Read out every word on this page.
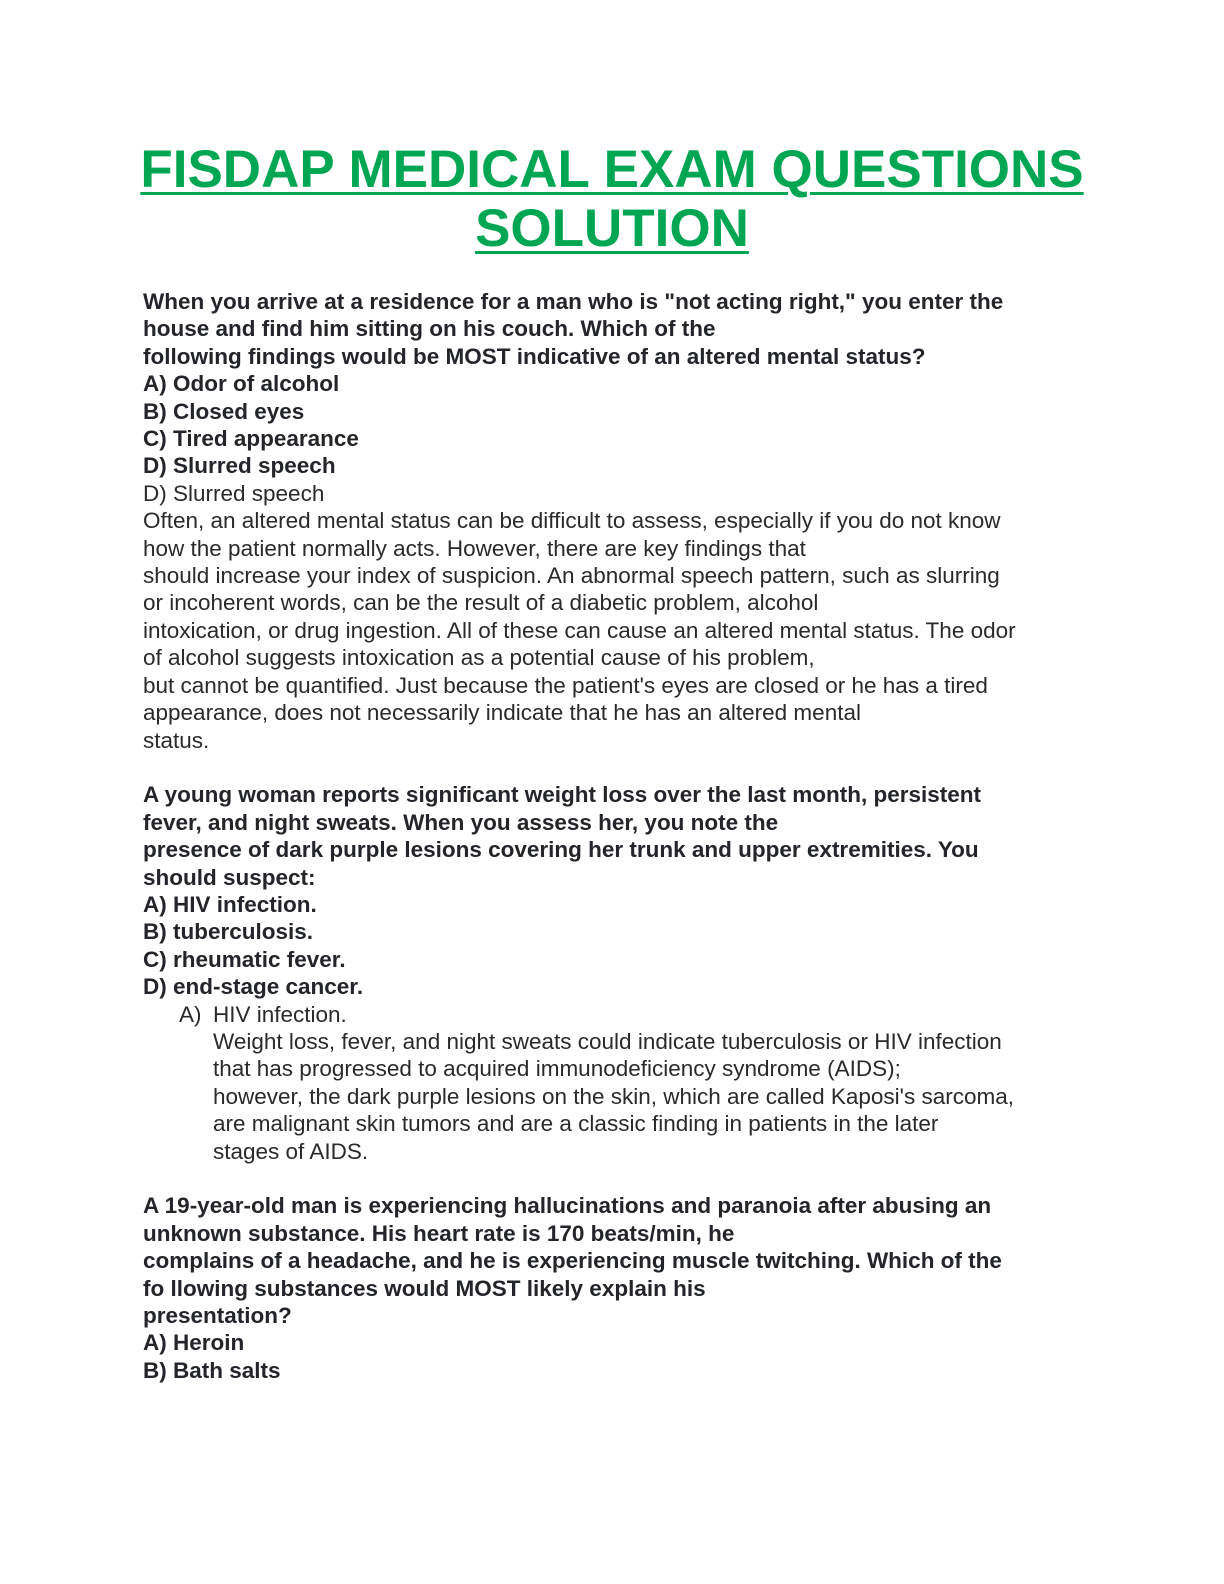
FISDAP MEDICAL EXAM QUESTIONS
SOLUTION
When you arrive at a residence for a man who is "not acting right," you enter the
house and find him sitting on his couch. Which of the
following findings would be MOST indicative of an altered mental status?
A) Odor of alcohol
B) Closed eyes
C) Tired appearance
D) Slurred speech
D) Slurred speech
Often, an altered mental status can be difficult to assess, especially if you do not know
how the patient normally acts. However, there are key findings that
should increase your index of suspicion. An abnormal speech pattern, such as slurring
or incoherent words, can be the result of a diabetic problem, alcohol
intoxication, or drug ingestion. All of these can cause an altered mental status. The odor
of alcohol suggests intoxication as a potential cause of his problem,
but cannot be quantified. Just because the patient's eyes are closed or he has a tired
appearance, does not necessarily indicate that he has an altered mental
status.
A young woman reports significant weight loss over the last month, persistent
fever, and night sweats. When you assess her, you note the
presence of dark purple lesions covering her trunk and upper extremities. You
should suspect:
A) HIV infection.
B) tuberculosis.
C) rheumatic fever.
D) end-stage cancer.
A) HIV infection.
Weight loss, fever, and night sweats could indicate tuberculosis or HIV infection
that has progressed to acquired immunodeficiency syndrome (AIDS);
however, the dark purple lesions on the skin, which are called Kaposi's sarcoma,
are malignant skin tumors and are a classic finding in patients in the later
stages of AIDS.
A 19-year-old man is experiencing hallucinations and paranoia after abusing an
unknown substance. His heart rate is 170 beats/min, he
complains of a headache, and he is experiencing muscle twitching. Which of the
fo llowing substances would MOST likely explain his
presentation?
A) Heroin
B) Bath salts
